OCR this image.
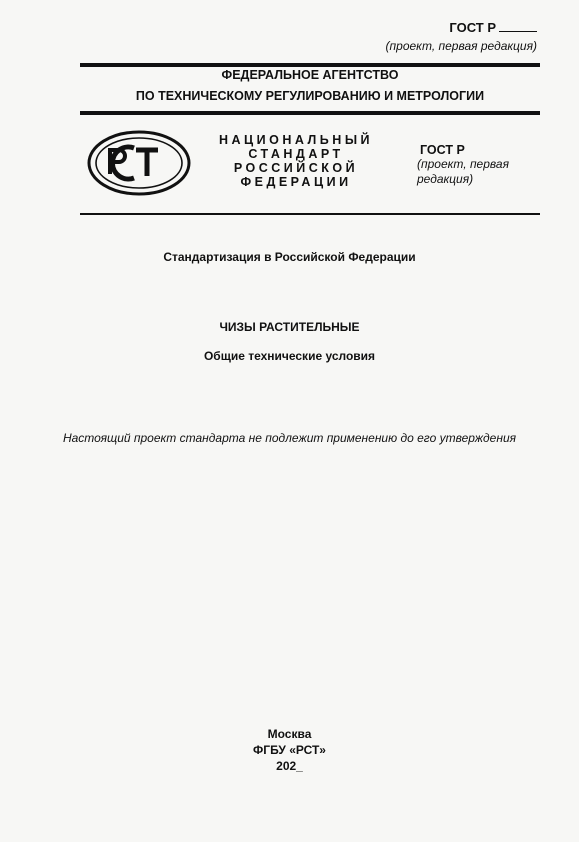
ГОСТ Р
(проект, первая редакция)
ФЕДЕРАЛЬНОЕ АГЕНТСТВО
ПО ТЕХНИЧЕСКОМУ РЕГУЛИРОВАНИЮ И МЕТРОЛОГИИ
НАЦИОНАЛЬНЫЙ
СТАНДАРТ
РОССИЙСКОЙ
ФЕДЕРАЦИИ
ГОСТ Р
(проект, первая редакция)
Стандартизация в Российской Федерации
ЧИЗЫ РАСТИТЕЛЬНЫЕ
Общие технические условия
Настоящий проект стандарта не подлежит применению до его утверждения
Москва
ФГБУ «РСТ»
202_
